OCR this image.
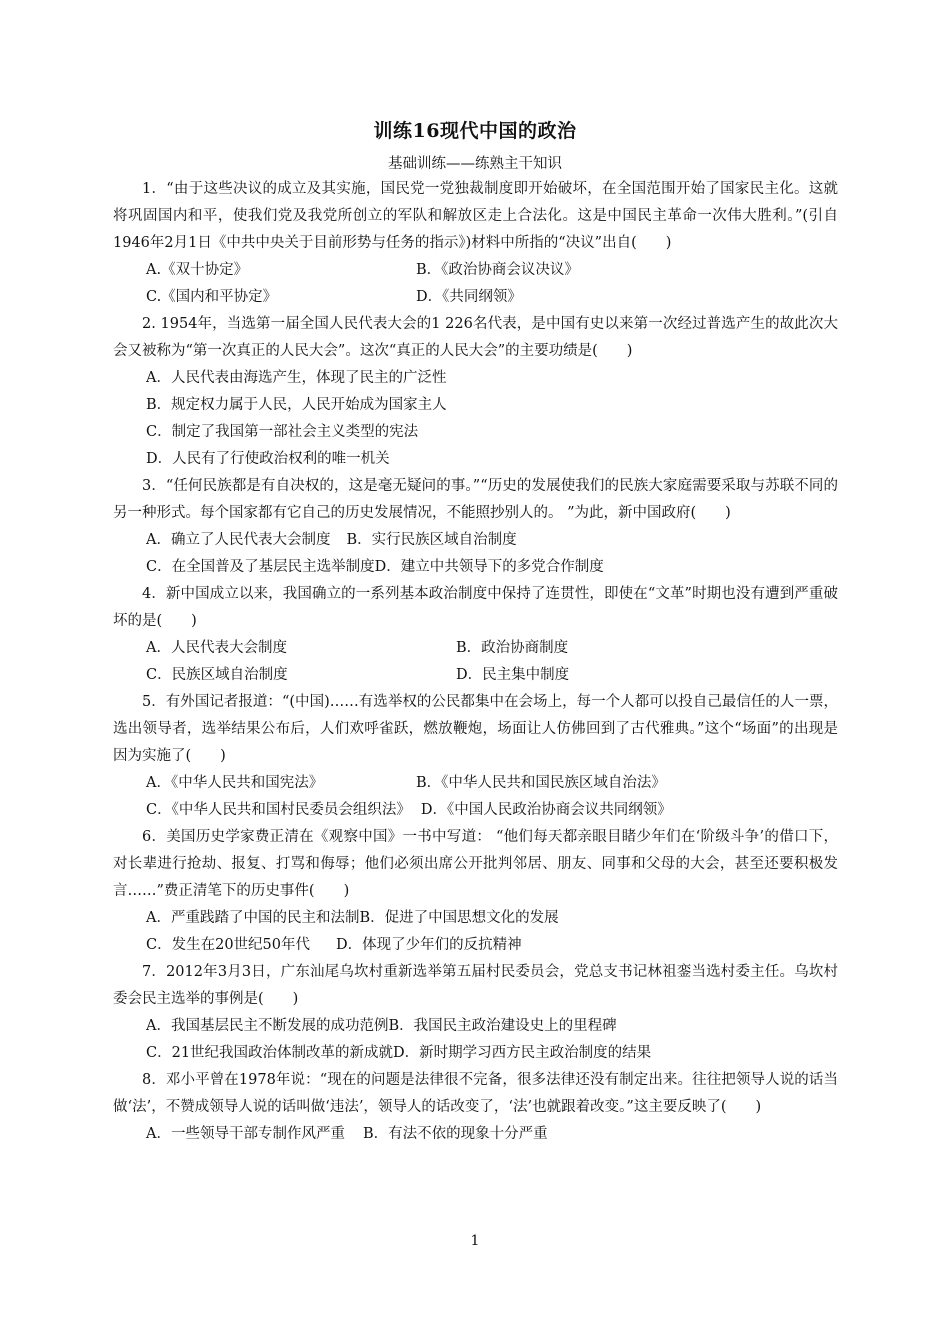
训练16现代中国的政治
基础训练——练熟主干知识

1．“由于这些决议的成立及其实施，国民党一党独裁制度即开始破坏，在全国范围开始了国家民主化。这就将巩固国内和平，使我们党及我党所创立的军队和解放区走上合法化。这是中国民主革命一次伟大胜利。”(引自1946年2月1日《中共中央关于目前形势与任务的指示》)材料中所指的“决议”出自(　　)

A.《双十协定》	B．《政治协商会议决议》
C.《国内和平协定》	D．《共同纲领》

2. 1954年，当选第一届全国人民代表大会的1 226名代表，是中国有史以来第一次经过普选产生的故此次大会又被称为“第一次真正的人民大会”。这次“真正的人民大会”的主要功绩是(　　)

A．人民代表由海选产生，体现了民主的广泛性
B．规定权力属于人民，人民开始成为国家主人
C．制定了我国第一部社会主义类型的宪法
D．人民有了行使政治权利的唯一机关

3．“任何民族都是有自决权的，这是毫无疑问的事。”“历史的发展使我们的民族大家庭需要采取与苏联不同的另一种形式。每个国家都有它自己的历史发展情况，不能照抄别人的。 ”为此，新中国政府(　　)

A．确立了人民代表大会制度 B．实行民族区域自治制度
C．在全国普及了基层民主选举制度D．建立中共领导下的多党合作制度

4．新中国成立以来，我国确立的一系列基本政治制度中保持了连贯性，即使在“文革”时期也没有遭到严重破坏的是(　　)

A．人民代表大会制度	B．政治协商制度
C．民族区域自治制度	D．民主集中制度

5．有外国记者报道：“(中国)……有选举权的公民都集中在会场上，每一个人都可以投自己最信任的人一票，选出领导者，选举结果公布后，人们欢呼雀跃，燃放鞭炮，场面让人仿佛回到了古代雅典。”这个“场面”的出现是因为实施了(　　)

A．《中华人民共和国宪法》	B．《中华人民共和国民族区域自治法》
C．《中华人民共和国村民委员会组织法》 D．《中国人民政治协商会议共同纲领》

6．美国历史学家费正清在《观察中国》一书中写道： “他们每天都亲眼目睹少年们在‘阶级斗争’的借口下，对长辈进行抢劫、报复、打骂和侮辱；他们必须出席公开批判邻居、朋友、同事和父母的大会，甚至还要积极发言……”费正清笔下的历史事件(　　)

A．严重践踏了中国的民主和法制B．促进了中国思想文化的发展
C．发生在20世纪50年代 D．体现了少年们的反抗精神

7．2012年3月3日，广东汕尾乌坎村重新选举第五届村民委员会，党总支书记林祖銮当选村委主任。乌坎村委会民主选举的事例是(　　)

A．我国基层民主不断发展的成功范例B．我国民主政治建设史上的里程碑
C．21世纪我国政治体制改革的新成就D．新时期学习西方民主政治制度的结果

8．邓小平曾在1978年说：“现在的问题是法律很不完备，很多法律还没有制定出来。往往把领导人说的话当做‘法’，不赞成领导人说的话叫做‘违法’，领导人的话改变了，‘法’也就跟着改变。”这主要反映了(　　)

A．一些领导干部专制作风严重 B．有法不依的现象十分严重
1
